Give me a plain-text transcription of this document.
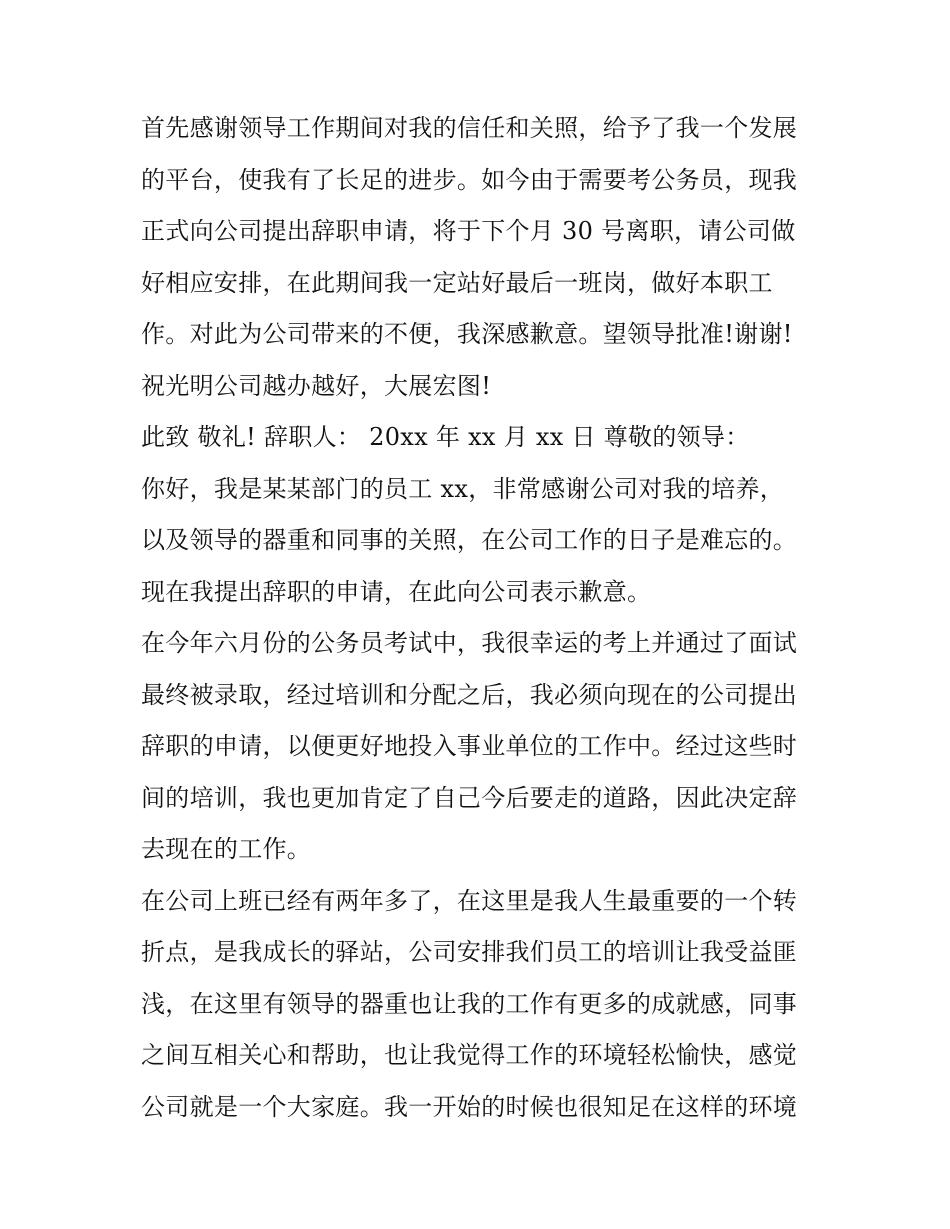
首先感谢领导工作期间对我的信任和关照，给予了我一个发展
的平台，使我有了长足的进步。如今由于需要考公务员，现我
正式向公司提出辞职申请，将于下个月 30 号离职，请公司做
好相应安排，在此期间我一定站好最后一班岗，做好本职工
作。对此为公司带来的不便，我深感歉意。望领导批准!谢谢!
祝光明公司越办越好，大展宏图!
此致 敬礼! 辞职人： 20xx 年 xx 月 xx 日 尊敬的领导：
你好，我是某某部门的员工 xx，非常感谢公司对我的培养，
以及领导的器重和同事的关照，在公司工作的日子是难忘的。
现在我提出辞职的申请，在此向公司表示歉意。
在今年六月份的公务员考试中，我很幸运的考上并通过了面试
最终被录取，经过培训和分配之后，我必须向现在的公司提出
辞职的申请，以便更好地投入事业单位的工作中。经过这些时
间的培训，我也更加肯定了自己今后要走的道路，因此决定辞
去现在的工作。
在公司上班已经有两年多了，在这里是我人生最重要的一个转
折点，是我成长的驿站，公司安排我们员工的培训让我受益匪
浅，在这里有领导的器重也让我的工作有更多的成就感，同事
之间互相关心和帮助，也让我觉得工作的环境轻松愉快，感觉
公司就是一个大家庭。我一开始的时候也很知足在这样的环境
